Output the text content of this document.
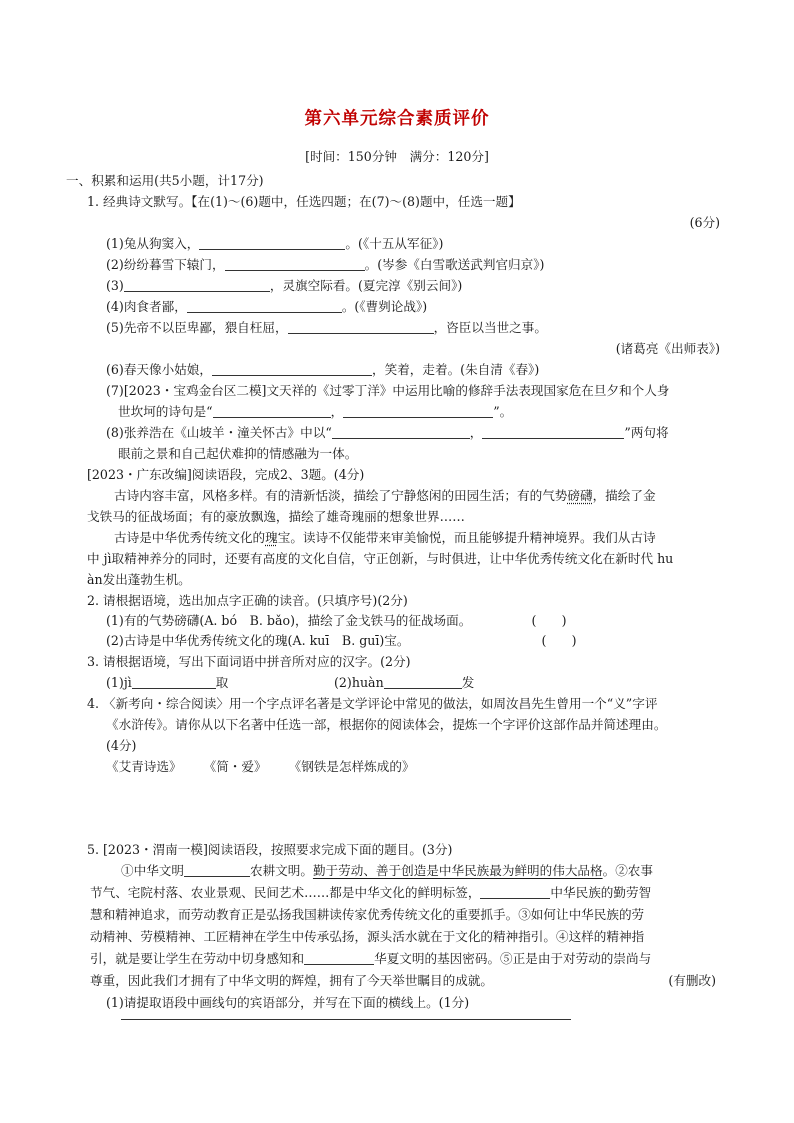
第六单元综合素质评价
[时间：150分钟　满分：120分]
一、积累和运用(共5小题，计17分)
1. 经典诗文默写。【在(1)～(6)题中，任选四题；在(7)～(8)题中，任选一题】
(6分)
(1)兔从狗窦入，	。(《十五从军征》)
(2)纷纷暮雪下辕门，	。(岑参《白雪歌送武判官归京》)
(3)	，灵旗空际看。(夏完淳《别云间》)
(4)肉食者鄙，	。(《曹刿论战》)
(5)先帝不以臣卑鄙，猥自枉屈，	，咨臣以当世之事。
(诸葛亮《出师表》)
(6)春天像小姑娘，	，笑着，走着。(朱自清《春》)
(7)[2023・宝鸡金台区二模]文天祥的《过零丁洋》中运用比喻的修辞手法表现国家危在旦夕和个人身
世坎坷的诗句是“	，	”。
(8)张养浩在《山坡羊・潼关怀古》中以“	，	”两句将
眼前之景和自己起伏难抑的情感融为一体。
[2023・广东改编]阅读语段，完成2、3题。(4分)
古诗内容丰富，风格多样。有的清新恬淡，描绘了宁静悠闲的田园生活；有的气势磅礴，描绘了金
戈铁马的征战场面；有的豪放飘逸，描绘了雄奇瑰丽的想象世界……
古诗是中华优秀传统文化的瑰宝。读诗不仅能带来审美愉悦，而且能够提升精神境界。我们从古诗
中 jì取精神养分的同时，还要有高度的文化自信，守正创新，与时俱进，让中华优秀传统文化在新时代 hu
àn发出蓬勃生机。
2. 请根据语境，选出加点字正确的读音。(只填序号)(2分)
(1)有的气势磅礴(A. bó　B. bǎo)，描绘了金戈铁马的征战场面。	(　　)
(2)古诗是中华优秀传统文化的瑰(A. kuī　B. guī)宝。	(　　)
3. 请根据语境，写出下面词语中拼音所对应的汉字。(2分)
(1)jì	取	(2)huàn	发
4. 〈新考向・综合阅读〉用一个字点评名著是文学评论中常见的做法，如周汝昌先生曾用一个“义”字评
《水浒传》。请你从以下名著中任选一部，根据你的阅读体会，提炼一个字评价这部作品并简述理由。
(4分)
《艾青诗选》 《简・爱》 《钢铁是怎样炼成的》
5. [2023・渭南一模]阅读语段，按照要求完成下面的题目。(3分)
①中华文明	农耕文明。勤于劳动、善于创造是中华民族最为鲜明的伟大品格。②农事
节气、宅院村落、农业景观、民间艺术……都是中华文化的鲜明标签，	中华民族的勤劳智
慧和精神追求，而劳动教育正是弘扬我国耕读传家优秀传统文化的重要抓手。③如何让中华民族的劳
动精神、劳模精神、工匠精神在学生中传承弘扬，源头活水就在于文化的精神指引。④这样的精神指
引，就是要让学生在劳动中切身感知和	华夏文明的基因密码。⑤正是由于对劳动的崇尚与
尊重，因此我们才拥有了中华文明的辉煌，拥有了今天举世瞩目的成就。	(有删改)
(1)请提取语段中画线句的宾语部分，并写在下面的横线上。(1分)
